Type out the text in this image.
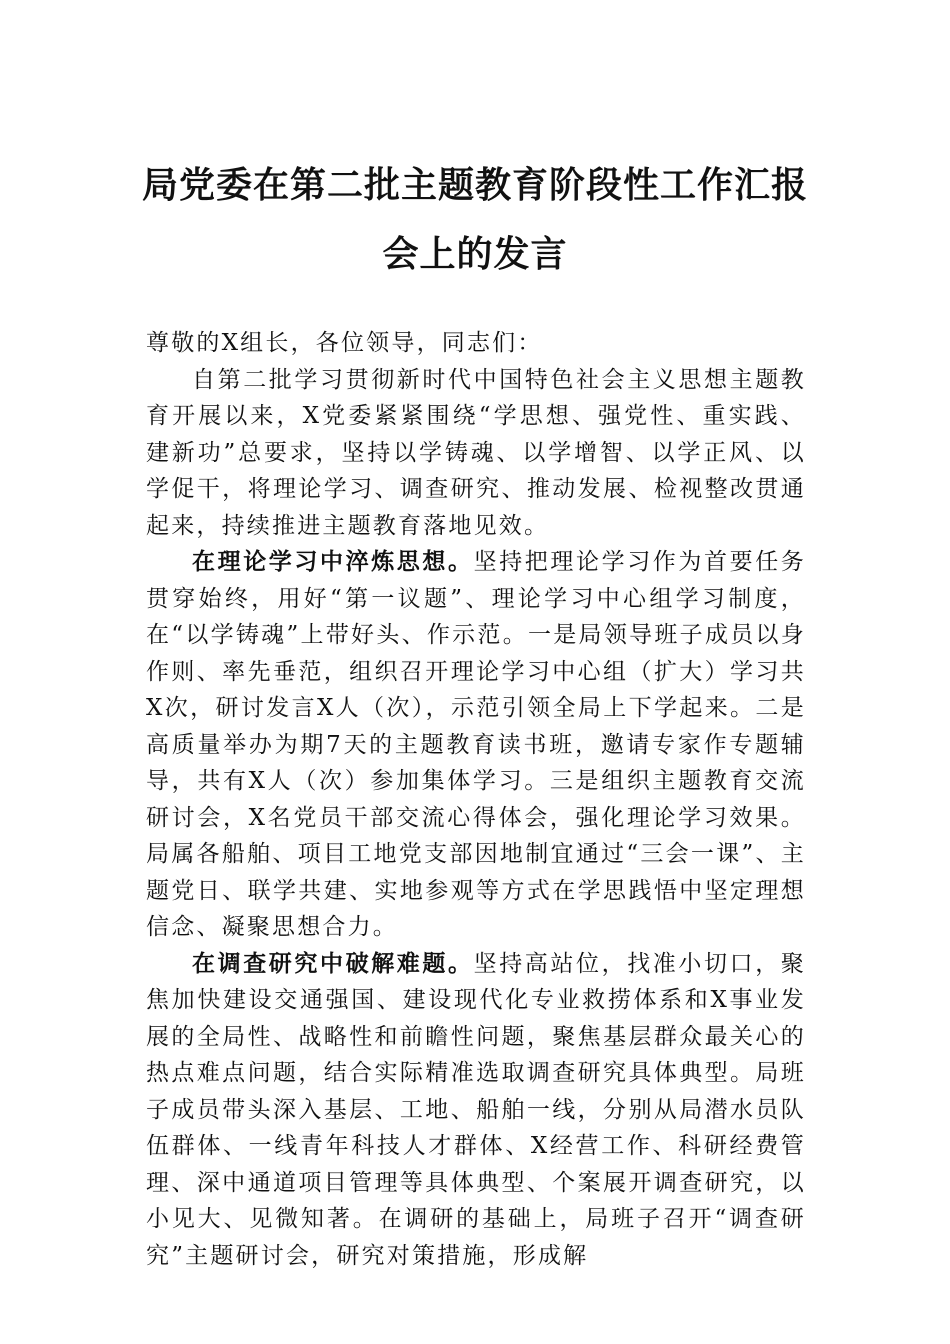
局党委在第二批主题教育阶段性工作汇报
会上的发言

尊敬的X组长，各位领导，同志们：

自第二批学习贯彻新时代中国特色社会主义思想主题教育开展以来，X党委紧紧围绕“学思想、强党性、重实践、建新功”总要求，坚持以学铸魂、以学增智、以学正风、以学促干，将理论学习、调查研究、推动发展、检视整改贯通起来，持续推进主题教育落地见效。

在理论学习中淬炼思想。坚持把理论学习作为首要任务贯穿始终，用好“第一议题”、理论学习中心组学习制度，在“以学铸魂”上带好头、作示范。一是局领导班子成员以身作则、率先垂范，组织召开理论学习中心组（扩大）学习共X次，研讨发言X人（次），示范引领全局上下学起来。二是高质量举办为期7天的主题教育读书班，邀请专家作专题辅导，共有X人（次）参加集体学习。三是组织主题教育交流研讨会，X名党员干部交流心得体会，强化理论学习效果。局属各船舶、项目工地党支部因地制宜通过“三会一课”、主题党日、联学共建、实地参观等方式在学思践悟中坚定理想信念、凝聚思想合力。

在调查研究中破解难题。坚持高站位，找准小切口，聚焦加快建设交通强国、建设现代化专业救捞体系和X事业发展的全局性、战略性和前瞻性问题，聚焦基层群众最关心的热点难点问题，结合实际精准选取调查研究具体典型。局班子成员带头深入基层、工地、船舶一线，分别从局潜水员队伍群体、一线青年科技人才群体、X经营工作、科研经费管理、深中通道项目管理等具体典型、个案展开调查研究，以小见大、见微知著。在调研的基础上，局班子召开“调查研究”主题研讨会，研究对策措施，形成解
